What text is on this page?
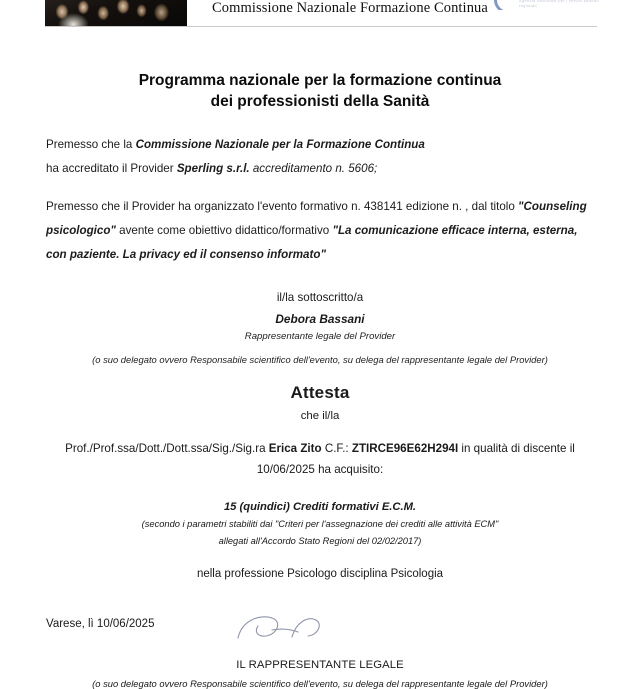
Commissione Nazionale Formazione Continua	Agenzia nazionale per i servizi sanitari regionali
Programma nazionale per la formazione continua
dei professionisti della Sanità

Premesso che la Commissione Nazionale per la Formazione Continua
ha accreditato il Provider Sperling s.r.l. accreditamento n. 5606;

Premesso che il Provider ha organizzato l'evento formativo n. 438141 edizione n. , dal titolo "Counseling psicologico" avente come obiettivo didattico/formativo "La comunicazione efficace interna, esterna, con paziente. La privacy ed il consenso informato"

il/la sottoscritto/a

Debora Bassani

Rappresentante legale del Provider

(o suo delegato ovvero Responsabile scientifico dell'evento, su delega del rappresentante legale del Provider)

Attesta

che il/la

Prof./Prof.ssa/Dott./Dott.ssa/Sig./Sig.ra Erica Zito C.F.: ZTIRCE96E62H294I in qualità di discente il
10/06/2025 ha acquisito:

15 (quindici) Crediti formativi E.C.M.

(secondo i parametri stabiliti dai "Criteri per l'assegnazione dei crediti alle attività ECM"

allegati all'Accordo Stato Regioni del 02/02/2017)

nella professione Psicologo disciplina Psicologia

Varese, lì 10/06/2025

IL RAPPRESENTANTE LEGALE

(o suo delegato ovvero Responsabile scientifico dell'evento, su delega del rappresentante legale del Provider)
